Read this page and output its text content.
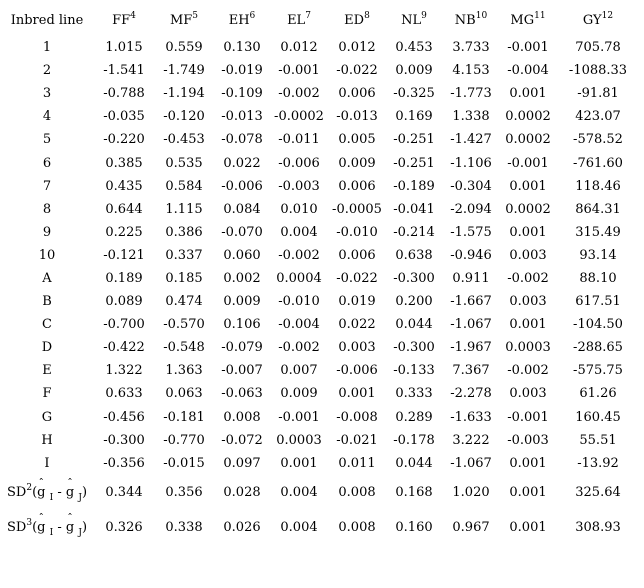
Inbred line	$FF^4$	$MF^5$	$EH^6$	$EL^7$	$ED^8$	$NL^9$	NB$^{10}$	MG$^{11}$	GY$^{12}$
1	1.015	0.559	0.130	0.012	0.012	0.453	3.733	-0.001	705.78
2	-1.541	-1.749	-0.019	-0.001	-0.022	0.009	4.153	-0.004	-1088.33
3	-0.788	-1.194	-0.109	-0.002	0.006	-0.325	-1.773	0.001	-91.81
4	-0.035	-0.120	-0.013	-0.0002	-0.013	0.169	1.338	0.0002	423.07
5	-0.220	-0.453	-0.078	-0.011	0.005	-0.251	-1.427	0.0002	-578.52
6	0.385	0.535	0.022	-0.006	0.009	-0.251	-1.106	-0.001	-761.60
7	0.435	0.584	-0.006	-0.003	0.006	-0.189	-0.304	0.001	118.46
8	0.644	1.115	0.084	0.010	-0.0005	-0.041	-2.094	0.0002	864.31
9	0.225	0.386	-0.070	0.004	-0.010	-0.214	-1.575	0.001	315.49
10	-0.121	0.337	0.060	-0.002	0.006	0.638	-0.946	0.003	93.14
A	0.189	0.185	0.002	0.0004	-0.022	-0.300	0.911	-0.002	88.10
B	0.089	0.474	0.009	-0.010	0.019	0.200	-1.667	0.003	617.51
C	-0.700	-0.570	0.106	-0.004	0.022	0.044	-1.067	0.001	-104.50
D	-0.422	-0.548	-0.079	-0.002	0.003	-0.300	-1.967	0.0003	-288.65
E	1.322	1.363	-0.007	0.007	-0.006	-0.133	7.367	-0.002	-575.75
F	0.633	0.063	-0.063	0.009	0.001	0.333	-2.278	0.003	61.26
G	-0.456	-0.181	0.008	-0.001	-0.008	0.289	-1.633	-0.001	160.45
H	-0.300	-0.770	-0.072	0.0003	-0.021	-0.178	3.222	-0.003	55.51
I	-0.356	-0.015	0.097	0.001	0.011	0.044	-1.067	0.001	-13.92
$SD^2(ˆ$ g $_I$ - ˆ g $_J$)	0.344	0.356	0.028	0.004	0.008	0.168	1.020	0.001	325.64
$SD^3(ˆ$ g $_I$ - ˆ g $_J$)	0.326	0.338	0.026	0.004	0.008	0.160	0.967	0.001	308.93
